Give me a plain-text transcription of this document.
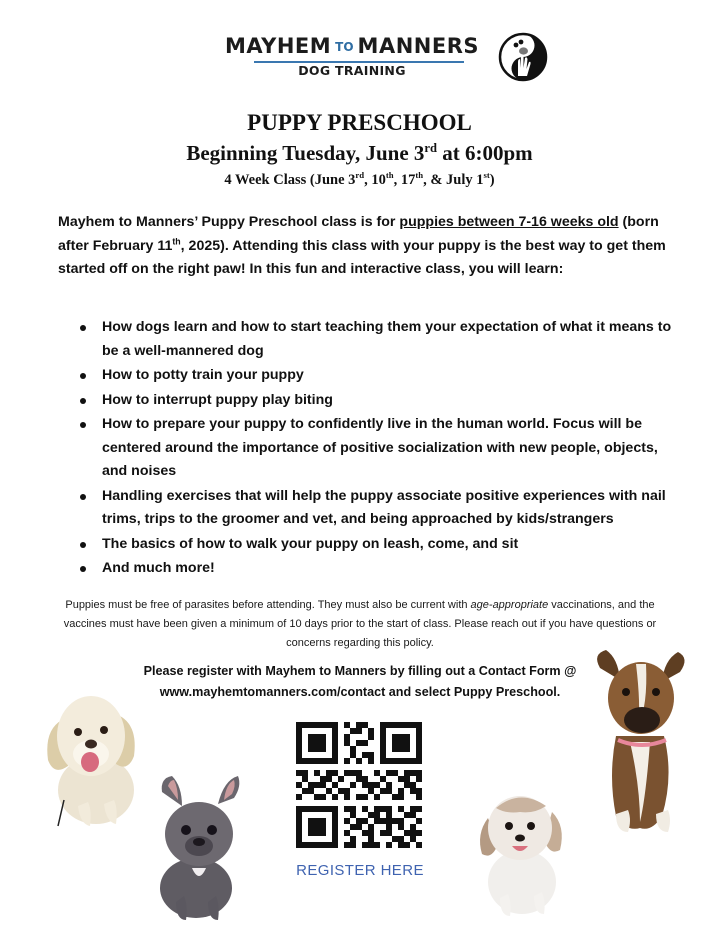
MAYHEM TO MANNERS
DOG TRAINING
PUPPY PRESCHOOL
Beginning Tuesday, June 3rd at 6:00pm
4 Week Class (June 3rd, 10th, 17th, & July 1st)

Mayhem to Manners’ Puppy Preschool class is for puppies between 7-16 weeks old (born after February 11th, 2025). Attending this class with your puppy is the best way to get them started off on the right paw! In this fun and interactive class, you will learn:

How dogs learn and how to start teaching them your expectation of what it means to be a well-mannered dog
How to potty train your puppy
How to interrupt puppy play biting
How to prepare your puppy to confidently live in the human world. Focus will be centered around the importance of positive socialization with new people, objects, and noises
Handling exercises that will help the puppy associate positive experiences with nail trims, trips to the groomer and vet, and being approached by kids/strangers
The basics of how to walk your puppy on leash, come, and sit
And much more!

Puppies must be free of parasites before attending. They must also be current with age-appropriate vaccinations, and the vaccines must have been given a minimum of 10 days prior to the start of class. Please reach out if you have questions or concerns regarding this policy.

Please register with Mayhem to Manners by filling out a Contact Form @
www.mayhemtomanners.com/contact and select Puppy Preschool.

REGISTER HERE
